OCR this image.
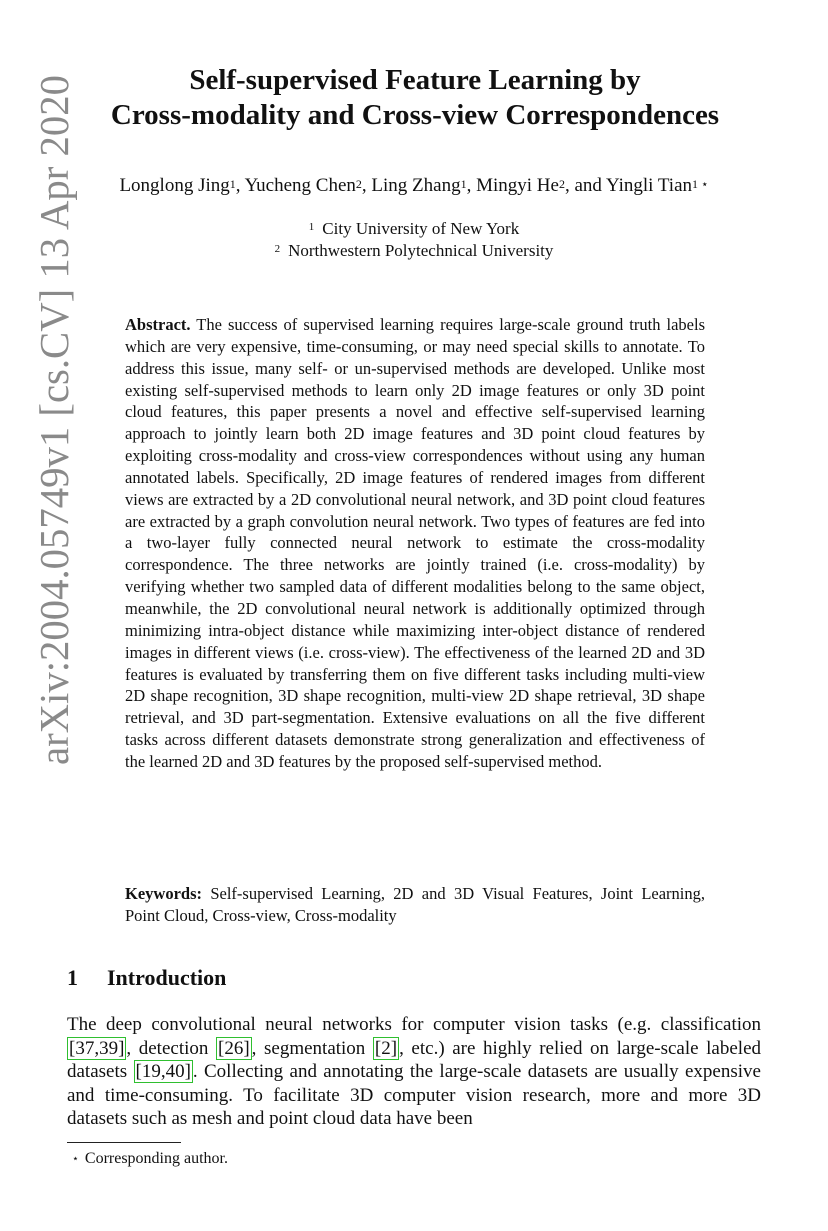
arXiv:2004.05749v1 [cs.CV] 13 Apr 2020	Self-supervised Feature Learning by
Cross-modality and Cross-view Correspondences
Longlong Jing$^1$, Yucheng Chen$^2$, Ling Zhang$^1$, Mingyi He$^2$, and Yingli Tian$^{1 ⋆}$
$^1$ City University of New York
$^2$ Northwestern Polytechnical University
Abstract. The success of supervised learning requires large-scale ground truth labels which are very expensive, time-consuming, or may need special skills to annotate. To address this issue, many self- or un-supervised methods are developed. Unlike most existing self-supervised methods to learn only 2D image features or only 3D point cloud features, this paper presents a novel and effective self-supervised learning approach to jointly learn both 2D image features and 3D point cloud features by exploiting cross-modality and cross-view correspondences without using any human annotated labels. Specifically, 2D image features of rendered images from different views are extracted by a 2D convolutional neural network, and 3D point cloud features are extracted by a graph convolution neural network. Two types of features are fed into a two-layer fully connected neural network to estimate the cross-modality correspondence. The three networks are jointly trained (i.e. cross-modality) by verifying whether two sampled data of different modalities belong to the same object, meanwhile, the 2D convolutional neural network is additionally optimized through minimizing intra-object distance while maximizing inter-object distance of rendered images in different views (i.e. cross-view). The effectiveness of the learned 2D and 3D features is evaluated by transferring them on five different tasks including multi-view 2D shape recognition, 3D shape recognition, multi-view 2D shape retrieval, 3D shape retrieval, and 3D part-segmentation. Extensive evaluations on all the five different tasks across different datasets demonstrate strong generalization and effectiveness of the learned 2D and 3D features by the proposed self-supervised method.
Keywords: Self-supervised Learning, 2D and 3D Visual Features, Joint Learning, Point Cloud, Cross-view, Cross-modality
1 Introduction
The deep convolutional neural networks for computer vision tasks (e.g. classification [37,39] , detection [26] , segmentation [2] , etc.) are highly relied on large-scale labeled datasets [19,40] . Collecting and annotating the large-scale datasets are usually expensive and time-consuming. To facilitate 3D computer vision research, more and more 3D datasets such as mesh and point cloud data have been
⋆ Corresponding author.
